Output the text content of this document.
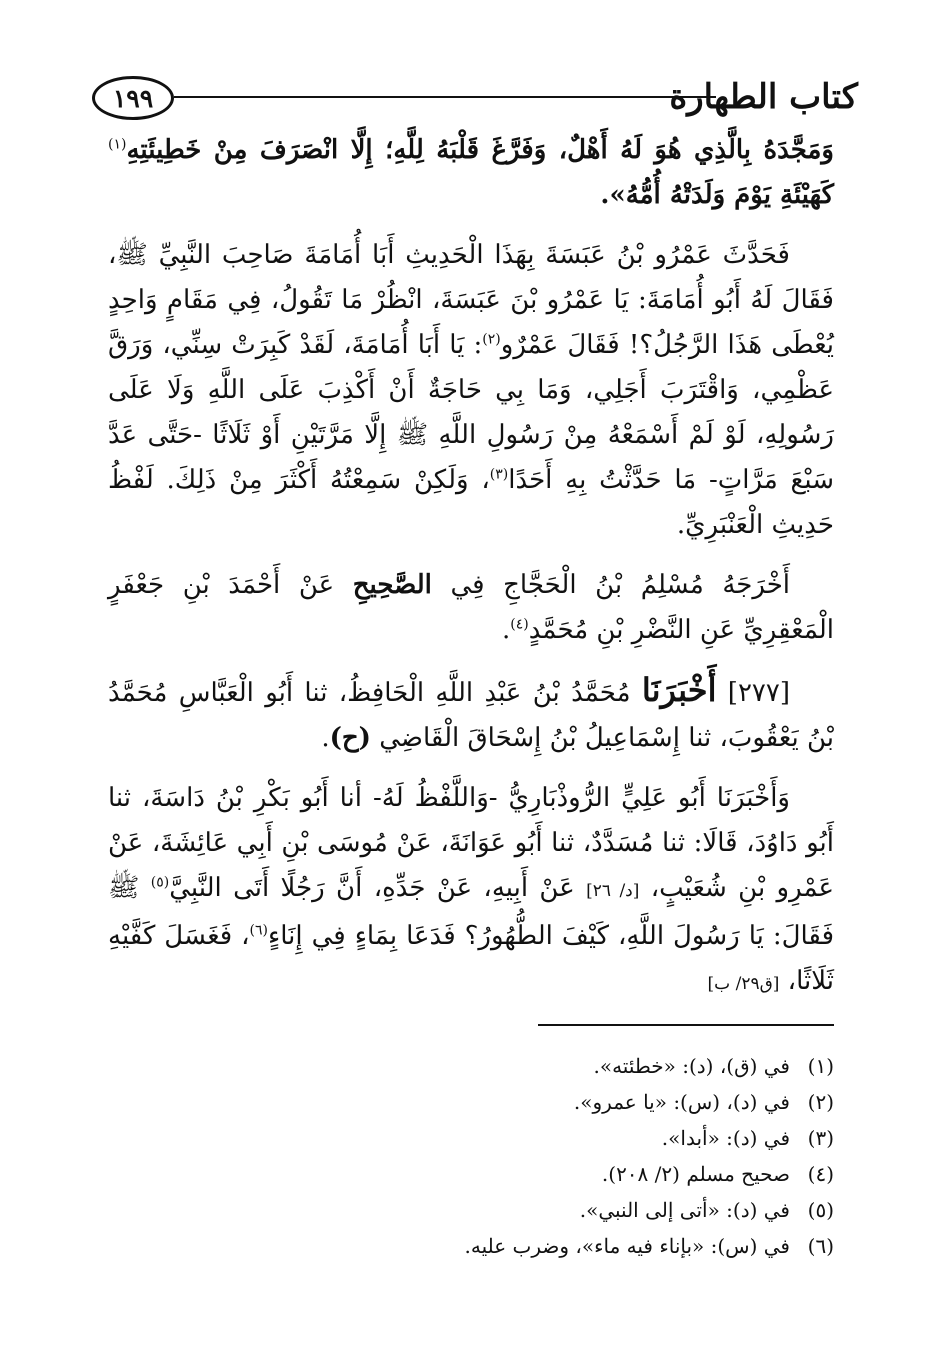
كتاب الطهارة
١٩٩

وَمَجَّدَهُ بِالَّذِي هُوَ لَهُ أَهْلٌ، وَفَرَّغَ قَلْبَهُ لِلَّهِ؛ إِلَّا انْصَرَفَ مِنْ خَطِيئَتِهِ$^{(١)}$ كَهَيْئَةِ يَوْمَ وَلَدَتْهُ أُمُّهُ».

فَحَدَّثَ عَمْرُو بْنُ عَبَسَةَ بِهَذَا الْحَدِيثِ أَبَا أُمَامَةَ صَاحِبَ النَّبِيِّ ﷺ، فَقَالَ لَهُ أَبُو أُمَامَةَ: يَا عَمْرُو بْنَ عَبَسَةَ، انْظُرْ مَا تَقُولُ، فِي مَقَامٍ وَاحِدٍ يُعْطَى هَذَا الرَّجُلُ؟! فَقَالَ عَمْرٌو$^{(٢)}$: يَا أَبَا أُمَامَةَ، لَقَدْ كَبِرَتْ سِنِّي، وَرَقَّ عَظْمِي، وَاقْتَرَبَ أَجَلِي، وَمَا بِي حَاجَةٌ أَنْ أَكْذِبَ عَلَى اللَّهِ وَلَا عَلَى رَسُولِهِ، لَوْ لَمْ أَسْمَعْهُ مِنْ رَسُولِ اللَّهِ ﷺ إِلَّا مَرَّتَيْنِ أَوْ ثَلَاثًا -حَتَّى عَدَّ سَبْعَ مَرَّاتٍ- مَا حَدَّثْتُ بِهِ أَحَدًا$^{(٣)}$، وَلَكِنْ سَمِعْتُهُ أَكْثَرَ مِنْ ذَلِكَ. لَفْظُ حَدِيثِ الْعَنْبَرِيِّ.

أَخْرَجَهُ مُسْلِمُ بْنُ الْحَجَّاجِ فِي الصَّحِيحِ عَنْ أَحْمَدَ بْنِ جَعْفَرٍ الْمَعْقِرِيِّ عَنِ النَّضْرِ بْنِ مُحَمَّدٍ$^{(٤)}$.

[٢٧٧] أَخْبَرَنَا مُحَمَّدُ بْنُ عَبْدِ اللَّهِ الْحَافِظُ، ثنا أَبُو الْعَبَّاسِ مُحَمَّدُ بْنُ يَعْقُوبَ، ثنا إِسْمَاعِيلُ بْنُ إِسْحَاقَ الْقَاضِي (ح).

وَأَخْبَرَنَا أَبُو عَلِيٍّ الرُّوذْبَارِيُّ -وَاللَّفْظُ لَهُ- أنا أَبُو بَكْرِ بْنُ دَاسَةَ، ثنا أَبُو دَاوُدَ، قَالَا: ثنا مُسَدَّدٌ، ثنا أَبُو عَوَانَةَ، عَنْ مُوسَى بْنِ أَبِي عَائِشَةَ، عَنْ عَمْرِو بْنِ شُعَيْبٍ، [د/ ٢٦] عَنْ أَبِيهِ، عَنْ جَدِّهِ، أَنَّ رَجُلًا أَتَى النَّبِيَّ$^{(٥)}$ ﷺ فَقَالَ: يَا رَسُولَ اللَّهِ، كَيْفَ الطُّهُورُ؟ فَدَعَا بِمَاءٍ فِي إِنَاءٍ$^{(٦)}$، فَغَسَلَ كَفَّيْهِ ثَلَاثًا، [ق٢٩/ ب]

(١)
في (ق)، (د): «خطئته».
(٢)
في (د)، (س): «يا عمرو».
(٣)
في (د): «أبدا».
(٤)
صحيح مسلم (٢/ ٢٠٨).
(٥)
في (د): «أتى إلى النبي».
(٦)
في (س): «بإناء فيه ماء»، وضرب عليه.
